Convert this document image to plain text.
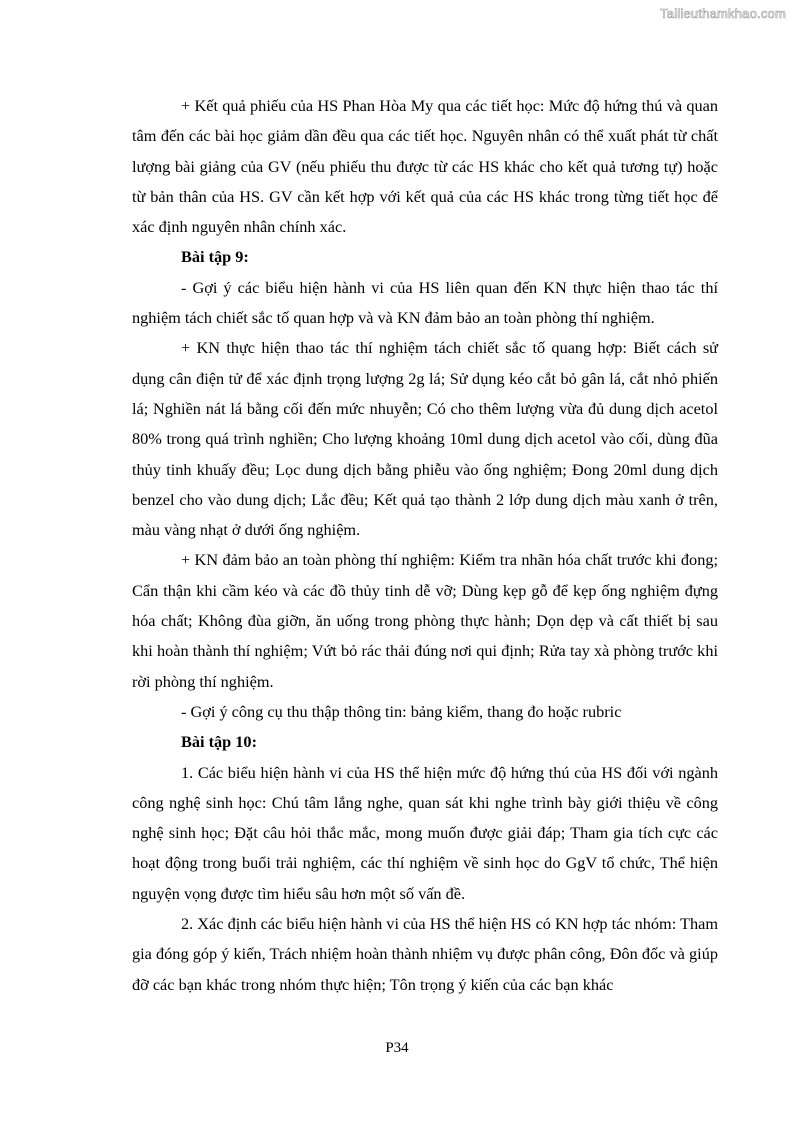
Tailieuthamkhao.com

+ Kết quả phiếu của HS Phan Hòa My qua các tiết học: Mức độ hứng thú và quan tâm đến các bài học giảm dần đều qua các tiết học. Nguyên nhân có thể xuất phát từ chất lượng bài giảng của GV (nếu phiếu thu được từ các HS khác cho kết quả tương tự) hoặc từ bản thân của HS. GV cần kết hợp với kết quả của các HS khác trong từng tiết học để xác định nguyên nhân chính xác.

Bài tập 9:

- Gợi ý các biểu hiện hành vi của HS liên quan đến KN thực hiện thao tác thí nghiệm tách chiết sắc tố quan hợp và và KN đảm bảo an toàn phòng thí nghiệm.

+ KN thực hiện thao tác thí nghiệm tách chiết sắc tố quang hợp: Biết cách sử dụng cân điện tử để xác định trọng lượng 2g lá; Sử dụng kéo cắt bỏ gân lá, cắt nhỏ phiến lá; Nghiền nát lá bằng cối đến mức nhuyễn; Có cho thêm lượng vừa đủ dung dịch acetol 80% trong quá trình nghiền; Cho lượng khoảng 10ml dung dịch acetol vào cối, dùng đũa thủy tinh khuấy đều; Lọc dung dịch bằng phiễu vào ống nghiệm; Đong 20ml dung dịch benzel cho vào dung dịch; Lắc đều; Kết quả tạo thành 2 lớp dung dịch màu xanh ở trên, màu vàng nhạt ở dưới ống nghiệm.

+ KN đảm bảo an toàn phòng thí nghiệm: Kiểm tra nhãn hóa chất trước khi đong; Cẩn thận khi cầm kéo và các đồ thủy tinh dễ vỡ; Dùng kẹp gỗ để kẹp ống nghiệm đựng hóa chất; Không đùa giỡn, ăn uống trong phòng thực hành; Dọn dẹp và cất thiết bị sau khi hoàn thành thí nghiệm; Vứt bỏ rác thải đúng nơi qui định; Rửa tay xà phòng trước khi rời phòng thí nghiệm.

- Gợi ý công cụ thu thập thông tin: bảng kiểm, thang đo hoặc rubric

Bài tập 10:

1. Các biểu hiện hành vi của HS thể hiện mức độ hứng thú của HS đối với ngành công nghệ sinh học: Chú tâm lắng nghe, quan sát khi nghe trình bày giới thiệu về công nghệ sinh học; Đặt câu hỏi thắc mắc, mong muốn được giải đáp; Tham gia tích cực các hoạt động trong buổi trải nghiệm, các thí nghiệm về sinh học do GgV tổ chức, Thể hiện nguyện vọng được tìm hiểu sâu hơn một số vấn đề.

2. Xác định các biểu hiện hành vi của HS thể hiện HS có KN hợp tác nhóm: Tham gia đóng góp ý kiến, Trách nhiệm hoàn thành nhiệm vụ được phân công, Đôn đốc và giúp đỡ các bạn khác trong nhóm thực hiện; Tôn trọng ý kiến của các bạn khác

P34
